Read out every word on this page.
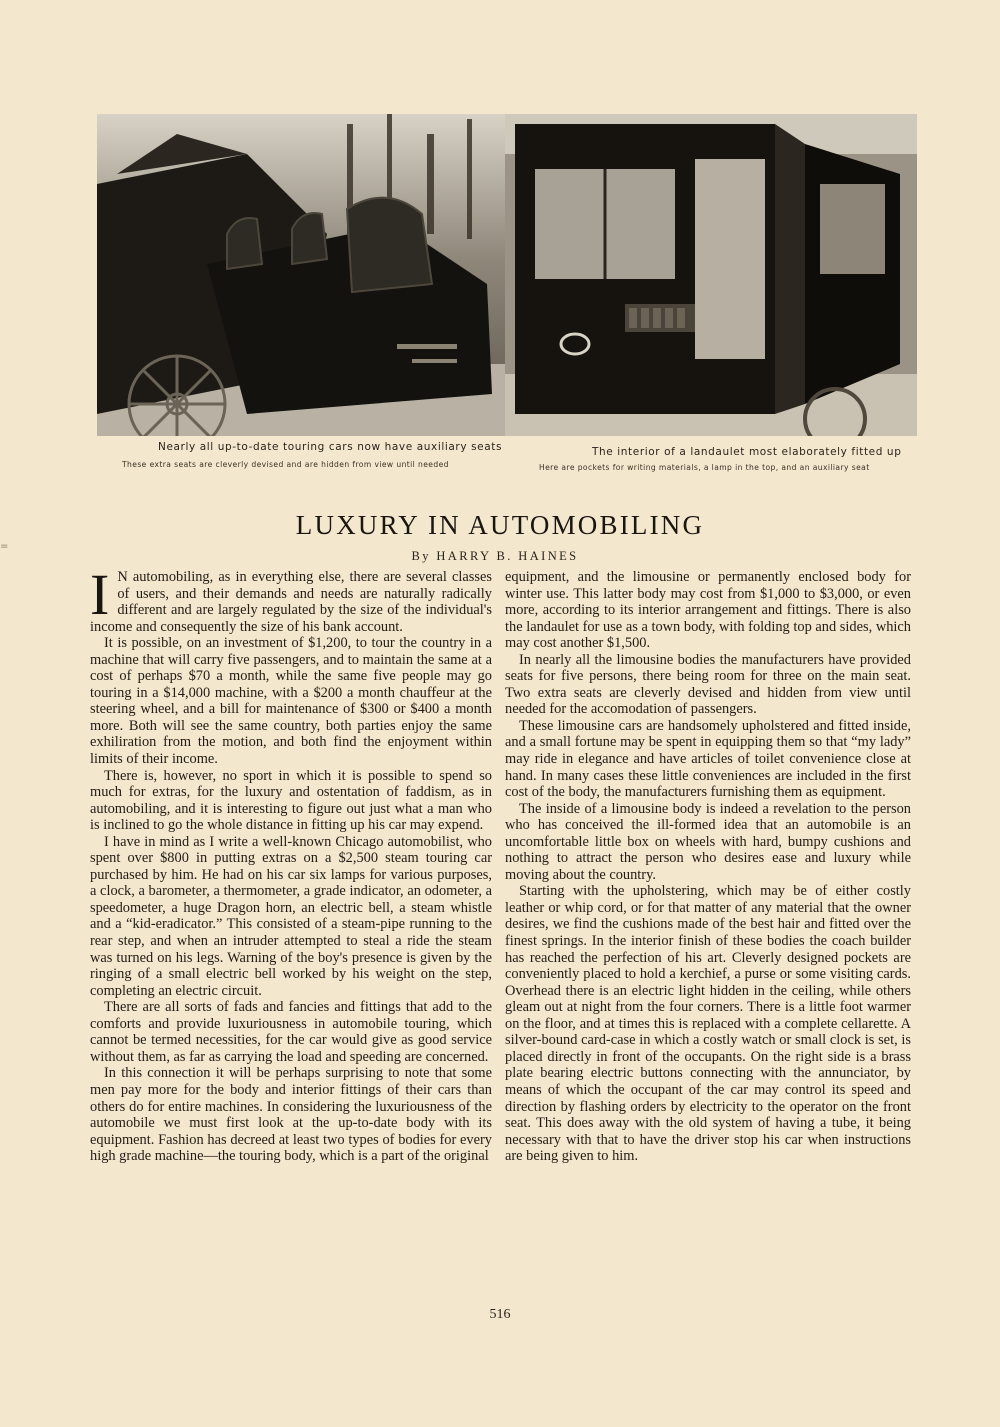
=
Nearly all up-to-date touring cars now have auxiliary seats
These extra seats are cleverly devised and are hidden from view until needed
The interior of a landaulet most elaborately fitted up
Here are pockets for writing materials, a lamp in the top, and an auxiliary seat
LUXURY IN AUTOMOBILING
By HARRY B. HAINES

I N automobiling, as in everything else, there are several classes of users, and their demands and needs are naturally radically different and are largely regulated by the size of the individual's income and consequently the size of his bank account.

It is possible, on an investment of $1,200, to tour the country in a machine that will carry five passengers, and to maintain the same at a cost of perhaps $70 a month, while the same five people may go touring in a $14,000 machine, with a $200 a month chauffeur at the steering wheel, and a bill for maintenance of $300 or $400 a month more. Both will see the same country, both parties enjoy the same exhiliration from the motion, and both find the enjoyment within limits of their income.

There is, however, no sport in which it is possible to spend so much for extras, for the luxury and ostentation of faddism, as in automobiling, and it is interesting to figure out just what a man who is inclined to go the whole distance in fitting up his car may expend.

I have in mind as I write a well-known Chicago automobilist, who spent over $800 in putting extras on a $2,500 steam touring car purchased by him. He had on his car six lamps for various purposes, a clock, a barometer, a thermometer, a grade indicator, an odometer, a speedometer, a huge Dragon horn, an electric bell, a steam whistle and a “kid-eradicator.” This consisted of a steam-pipe running to the rear step, and when an intruder attempted to steal a ride the steam was turned on his legs. Warning of the boy's presence is given by the ringing of a small electric bell worked by his weight on the step, completing an electric circuit.

There are all sorts of fads and fancies and fittings that add to the comforts and provide luxuriousness in automobile touring, which cannot be termed necessities, for the car would give as good service without them, as far as carrying the load and speeding are concerned.

In this connection it will be perhaps surprising to note that some men pay more for the body and interior fittings of their cars than others do for entire machines. In considering the luxuriousness of the automobile we must first look at the up-to-date body with its equipment. Fashion has decreed at least two types of bodies for every high grade machine—the touring body, which is a part of the original

equipment, and the limousine or permanently enclosed body for winter use. This latter body may cost from $1,000 to $3,000, or even more, according to its interior arrangement and fittings. There is also the landaulet for use as a town body, with folding top and sides, which may cost another $1,500.

In nearly all the limousine bodies the manufacturers have provided seats for five persons, there being room for three on the main seat. Two extra seats are cleverly devised and hidden from view until needed for the accomodation of passengers.

These limousine cars are handsomely upholstered and fitted inside, and a small fortune may be spent in equipping them so that “my lady” may ride in elegance and have articles of toilet convenience close at hand. In many cases these little conveniences are included in the first cost of the body, the manufacturers furnishing them as equipment.

The inside of a limousine body is indeed a revelation to the person who has conceived the ill-formed idea that an automobile is an uncomfortable little box on wheels with hard, bumpy cushions and nothing to attract the person who desires ease and luxury while moving about the country.

Starting with the upholstering, which may be of either costly leather or whip cord, or for that matter of any material that the owner desires, we find the cushions made of the best hair and fitted over the finest springs. In the interior finish of these bodies the coach builder has reached the perfection of his art. Cleverly designed pockets are conveniently placed to hold a kerchief, a purse or some visiting cards. Overhead there is an electric light hidden in the ceiling, while others gleam out at night from the four corners. There is a little foot warmer on the floor, and at times this is replaced with a complete cellarette. A silver-bound card-case in which a costly watch or small clock is set, is placed directly in front of the occupants. On the right side is a brass plate bearing electric buttons connecting with the annunciator, by means of which the occupant of the car may control its speed and direction by flashing orders by electricity to the operator on the front seat. This does away with the old system of having a tube, it being necessary with that to have the driver stop his car when instructions are being given to him.

516
